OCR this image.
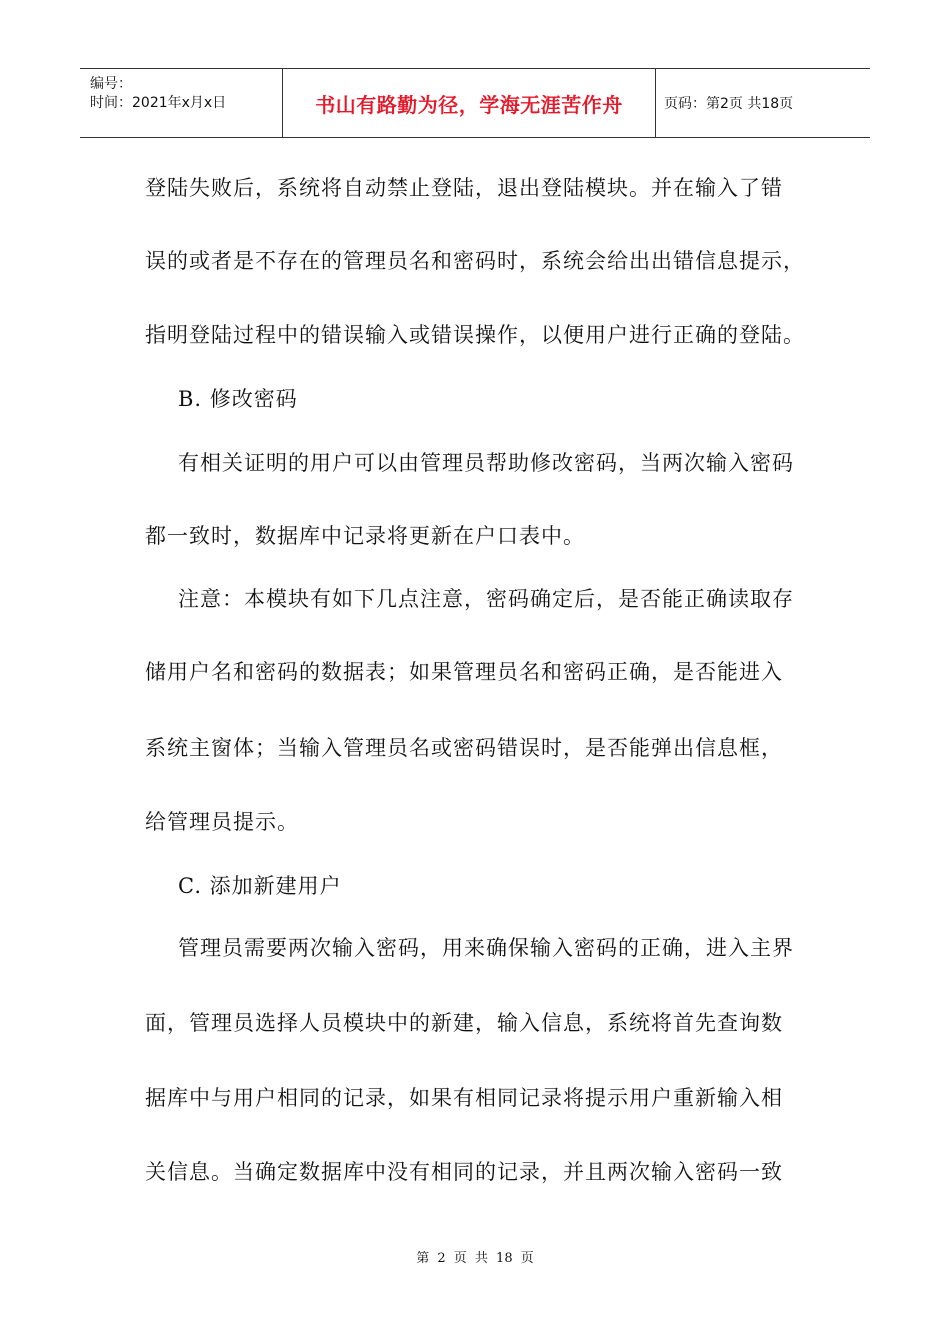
编号：
时间：2021年x月x日	书山有路勤为径，学海无涯苦作舟	页码：第2页 共18页
登陆失败后，系统将自动禁止登陆，退出登陆模块。并在输入了错
误的或者是不存在的管理员名和密码时，系统会给出出错信息提示，
指明登陆过程中的错误输入或错误操作，以便用户进行正确的登陆。
B. 修改密码
有相关证明的用户可以由管理员帮助修改密码，当两次输入密码
都一致时，数据库中记录将更新在户口表中。
注意：本模块有如下几点注意，密码确定后，是否能正确读取存
储用户名和密码的数据表；如果管理员名和密码正确，是否能进入
系统主窗体；当输入管理员名或密码错误时，是否能弹出信息框，
给管理员提示。
C. 添加新建用户
管理员需要两次输入密码，用来确保输入密码的正确，进入主界
面，管理员选择人员模块中的新建，输入信息，系统将首先查询数
据库中与用户相同的记录，如果有相同记录将提示用户重新输入相
关信息。当确定数据库中没有相同的记录，并且两次输入密码一致
第 2 页 共 18 页
